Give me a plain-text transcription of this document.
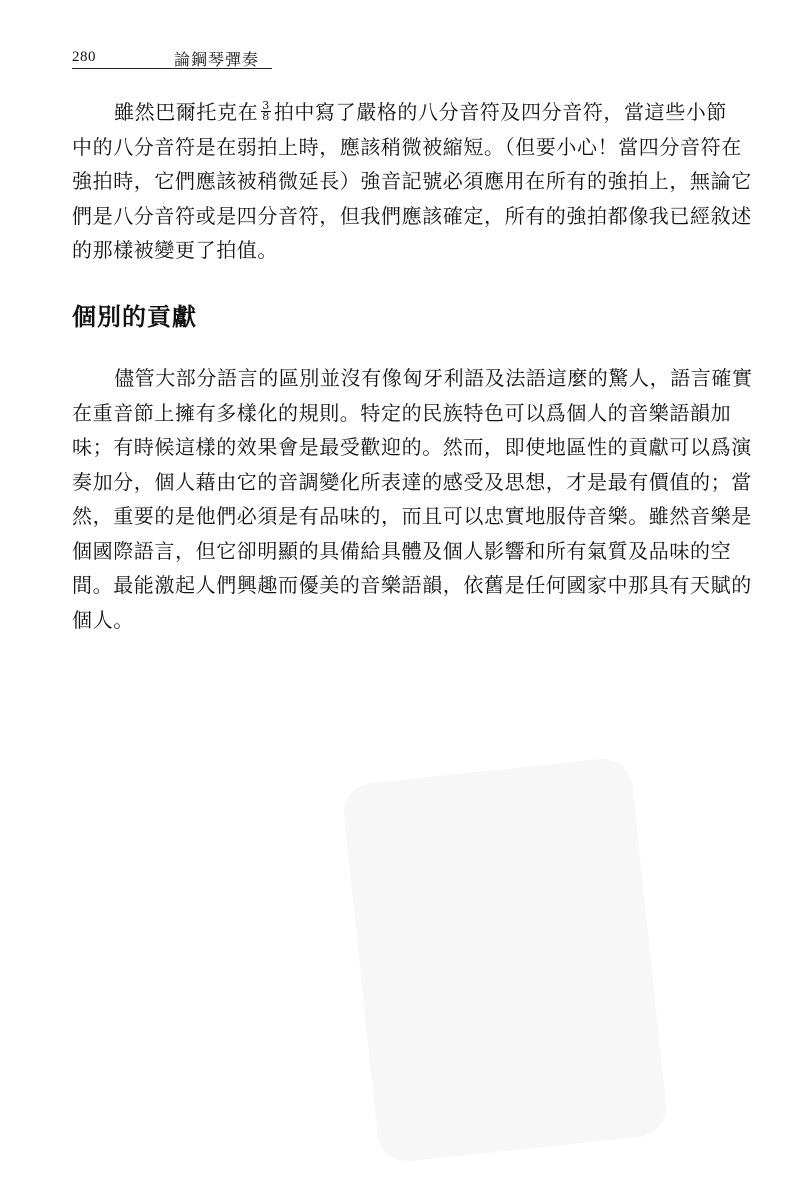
280	論鋼琴彈奏

雖然巴爾托克在 $\frac{3}{8}$ 拍中寫了嚴格的八分音符及四分音符，當這些小節
中的八分音符是在弱拍上時，應該稍微被縮短。（但要小心！當四分音符在
強拍時，它們應該被稍微延長）強音記號必須應用在所有的強拍上，無論它
們是八分音符或是四分音符，但我們應該確定，所有的強拍都像我已經敘述
的那樣被變更了拍值。

個別的貢獻

儘管大部分語言的區別並沒有像匈牙利語及法語這麼的驚人，語言確實
在重音節上擁有多樣化的規則。特定的民族特色可以爲個人的音樂語韻加
味；有時候這樣的效果會是最受歡迎的。然而，即使地區性的貢獻可以爲演
奏加分，個人藉由它的音調變化所表達的感受及思想，才是最有價值的；當
然，重要的是他們必須是有品味的，而且可以忠實地服侍音樂。雖然音樂是
個國際語言，但它卻明顯的具備給具體及個人影響和所有氣質及品味的空
間。最能激起人們興趣而優美的音樂語韻，依舊是任何國家中那具有天賦的
個人。
